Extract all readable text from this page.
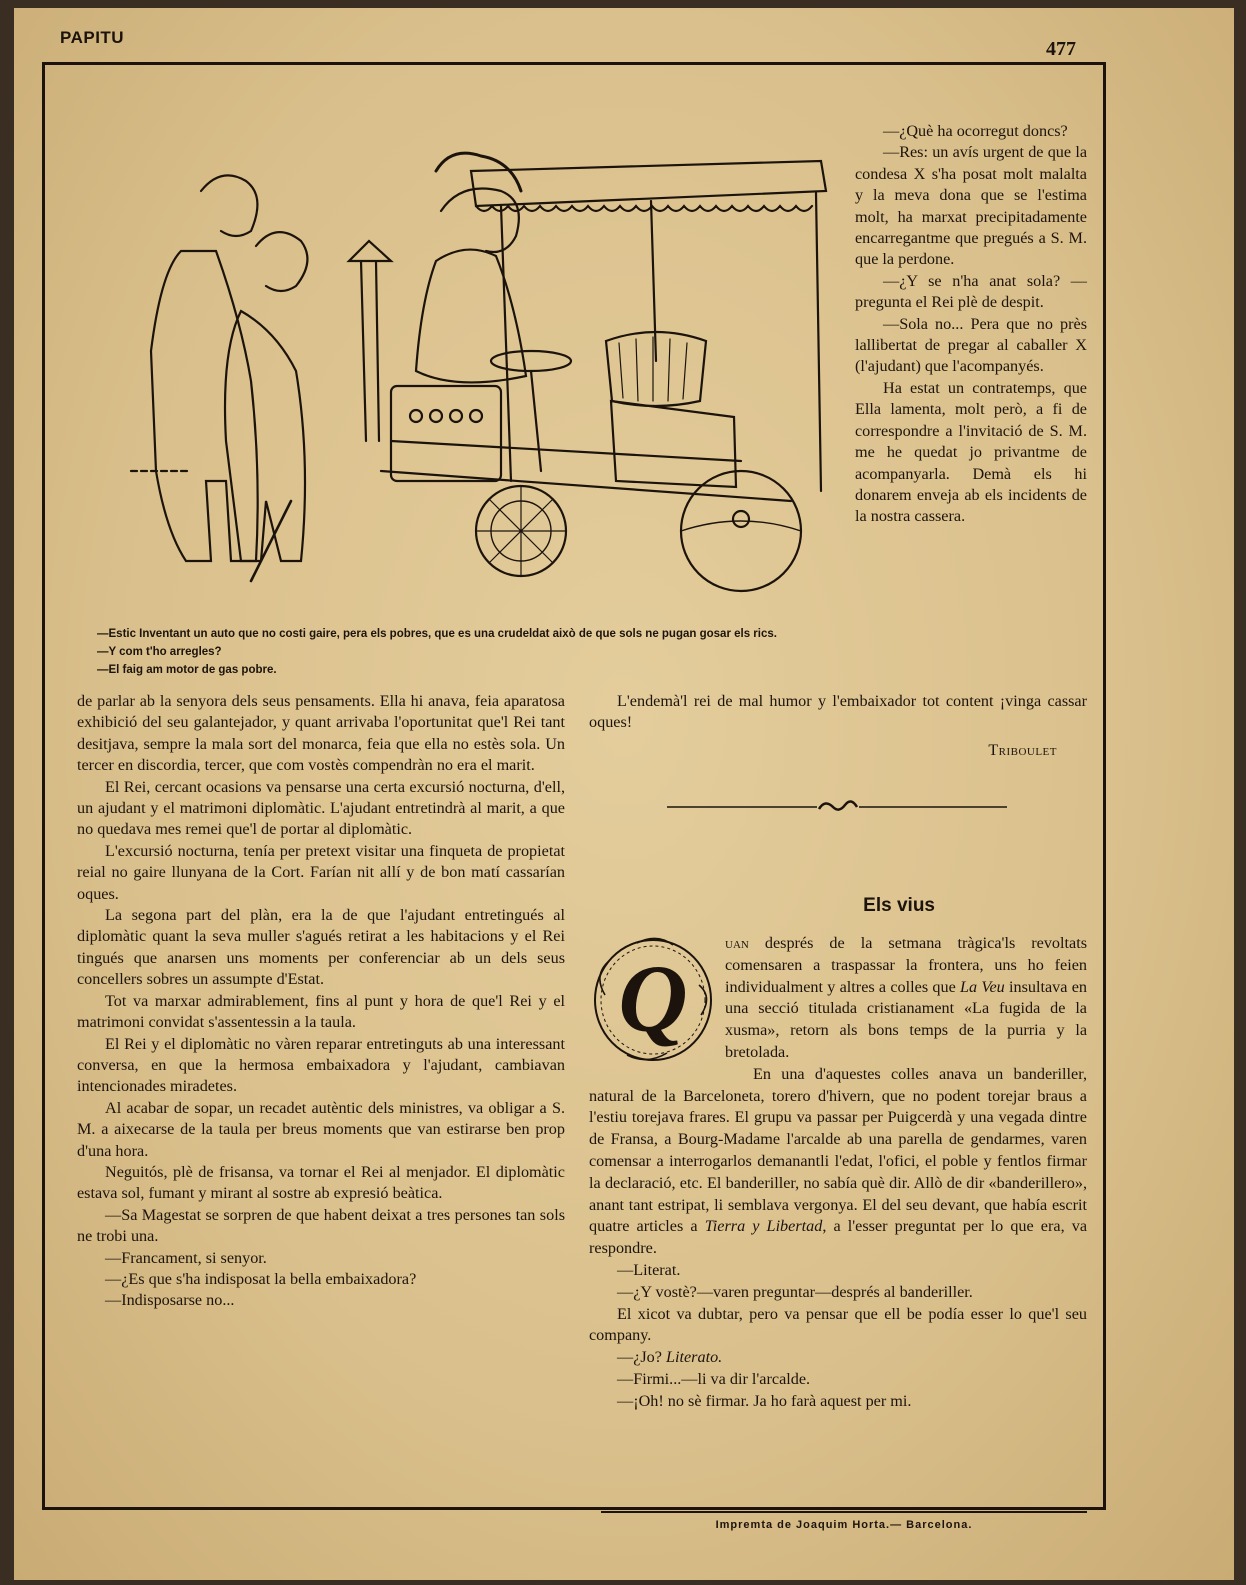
PAPITU
477

—Estic Inventant un auto que no costi gaire, pera els pobres, que es una crudeldat això de que sols ne pugan gosar els rics.

—Y com t'ho arregles?

—El faig am motor de gas pobre.

—¿Què ha ocorregut doncs?

—Res: un avís urgent de que la condesa X s'ha posat molt malalta y la meva dona que se l'estima molt, ha marxat precipitadamente encarregantme que pregués a S. M. que la perdone.

—¿Y se n'ha anat sola? —pregunta el Rei plè de despit.

—Sola no... Pera que no près lallibertat de pregar al caballer X (l'ajudant) que l'acompanyés.

Ha estat un contratemps, que Ella lamenta, molt però, a fi de correspondre a l'invitació de S. M. me he quedat jo privantme de acompanyarla. Demà els hi donarem enveja ab els incidents de la nostra cassera.

de parlar ab la senyora dels seus pensaments. Ella hi anava, feia aparatosa exhibició del seu galantejador, y quant arrivaba l'oportunitat que'l Rei tant desitjava, sempre la mala sort del monarca, feia que ella no estès sola. Un tercer en discordia, tercer, que com vostès compendràn no era el marit.

El Rei, cercant ocasions va pensarse una certa excursió nocturna, d'ell, un ajudant y el matrimoni diplomàtic. L'ajudant entretindrà al marit, a que no quedava mes remei que'l de portar al diplomàtic.

L'excursió nocturna, tenía per pretext visitar una finqueta de propietat reial no gaire llunyana de la Cort. Farían nit allí y de bon matí cassarían oques.

La segona part del plàn, era la de que l'ajudant entretingués al diplomàtic quant la seva muller s'agués retirat a les habitacions y el Rei tingués que anarsen uns moments per conferenciar ab un dels seus concellers sobres un assumpte d'Estat.

Tot va marxar admirablement, fins al punt y hora de que'l Rei y el matrimoni convidat s'assentessin a la taula.

El Rei y el diplomàtic no vàren reparar entretinguts ab una interessant conversa, en que la hermosa embaixadora y l'ajudant, cambiavan intencionades miradetes.

Al acabar de sopar, un recadet autèntic dels ministres, va obligar a S. M. a aixecarse de la taula per breus moments que van estirarse ben prop d'una hora.

Neguitós, plè de frisansa, va tornar el Rei al menjador. El diplomàtic estava sol, fumant y mirant al sostre ab expresió beàtica.

—Sa Magestat se sorpren de que habent deixat a tres persones tan sols ne trobi una.

—Francament, si senyor.

—¿Es que s'ha indisposat la bella embaixadora?

—Indisposarse no...

L'endemà'l rei de mal humor y l'embaixador tot content ¡vinga cassar oques!

Triboulet
Els vius
Q

uan després de la setmana tràgica'ls revoltats comensaren a traspassar la frontera, uns ho feien individualment y altres a colles que La Veu insultava en una secció titulada cristianament «La fugida de la xusma», retorn als bons temps de la purria y la bretolada.

En una d'aquestes colles anava un banderiller, natural de la Barceloneta, torero d'hivern, que no podent torejar braus a l'estiu torejava frares. El grupu va passar per Puigcerdà y una vegada dintre de Fransa, a Bourg-Madame l'arcalde ab una parella de gendarmes, varen comensar a interrogarlos demanantli l'edat, l'ofici, el poble y fentlos firmar la declaració, etc. El banderiller, no sabía què dir. Allò de dir «banderillero», anant tant estripat, li semblava vergonya. El del seu devant, que había escrit quatre articles a Tierra y Libertad, a l'esser preguntat per lo que era, va respondre.

—Literat.

—¿Y vostè?—varen preguntar—després al banderiller.

El xicot va dubtar, pero va pensar que ell be podía esser lo que'l seu company.

—¿Jo? Literato.

—Firmi...—li va dir l'arcalde.

—¡Oh! no sè firmar. Ja ho farà aquest per mi.

Impremta de Joaquim Horta.— Barcelona.
